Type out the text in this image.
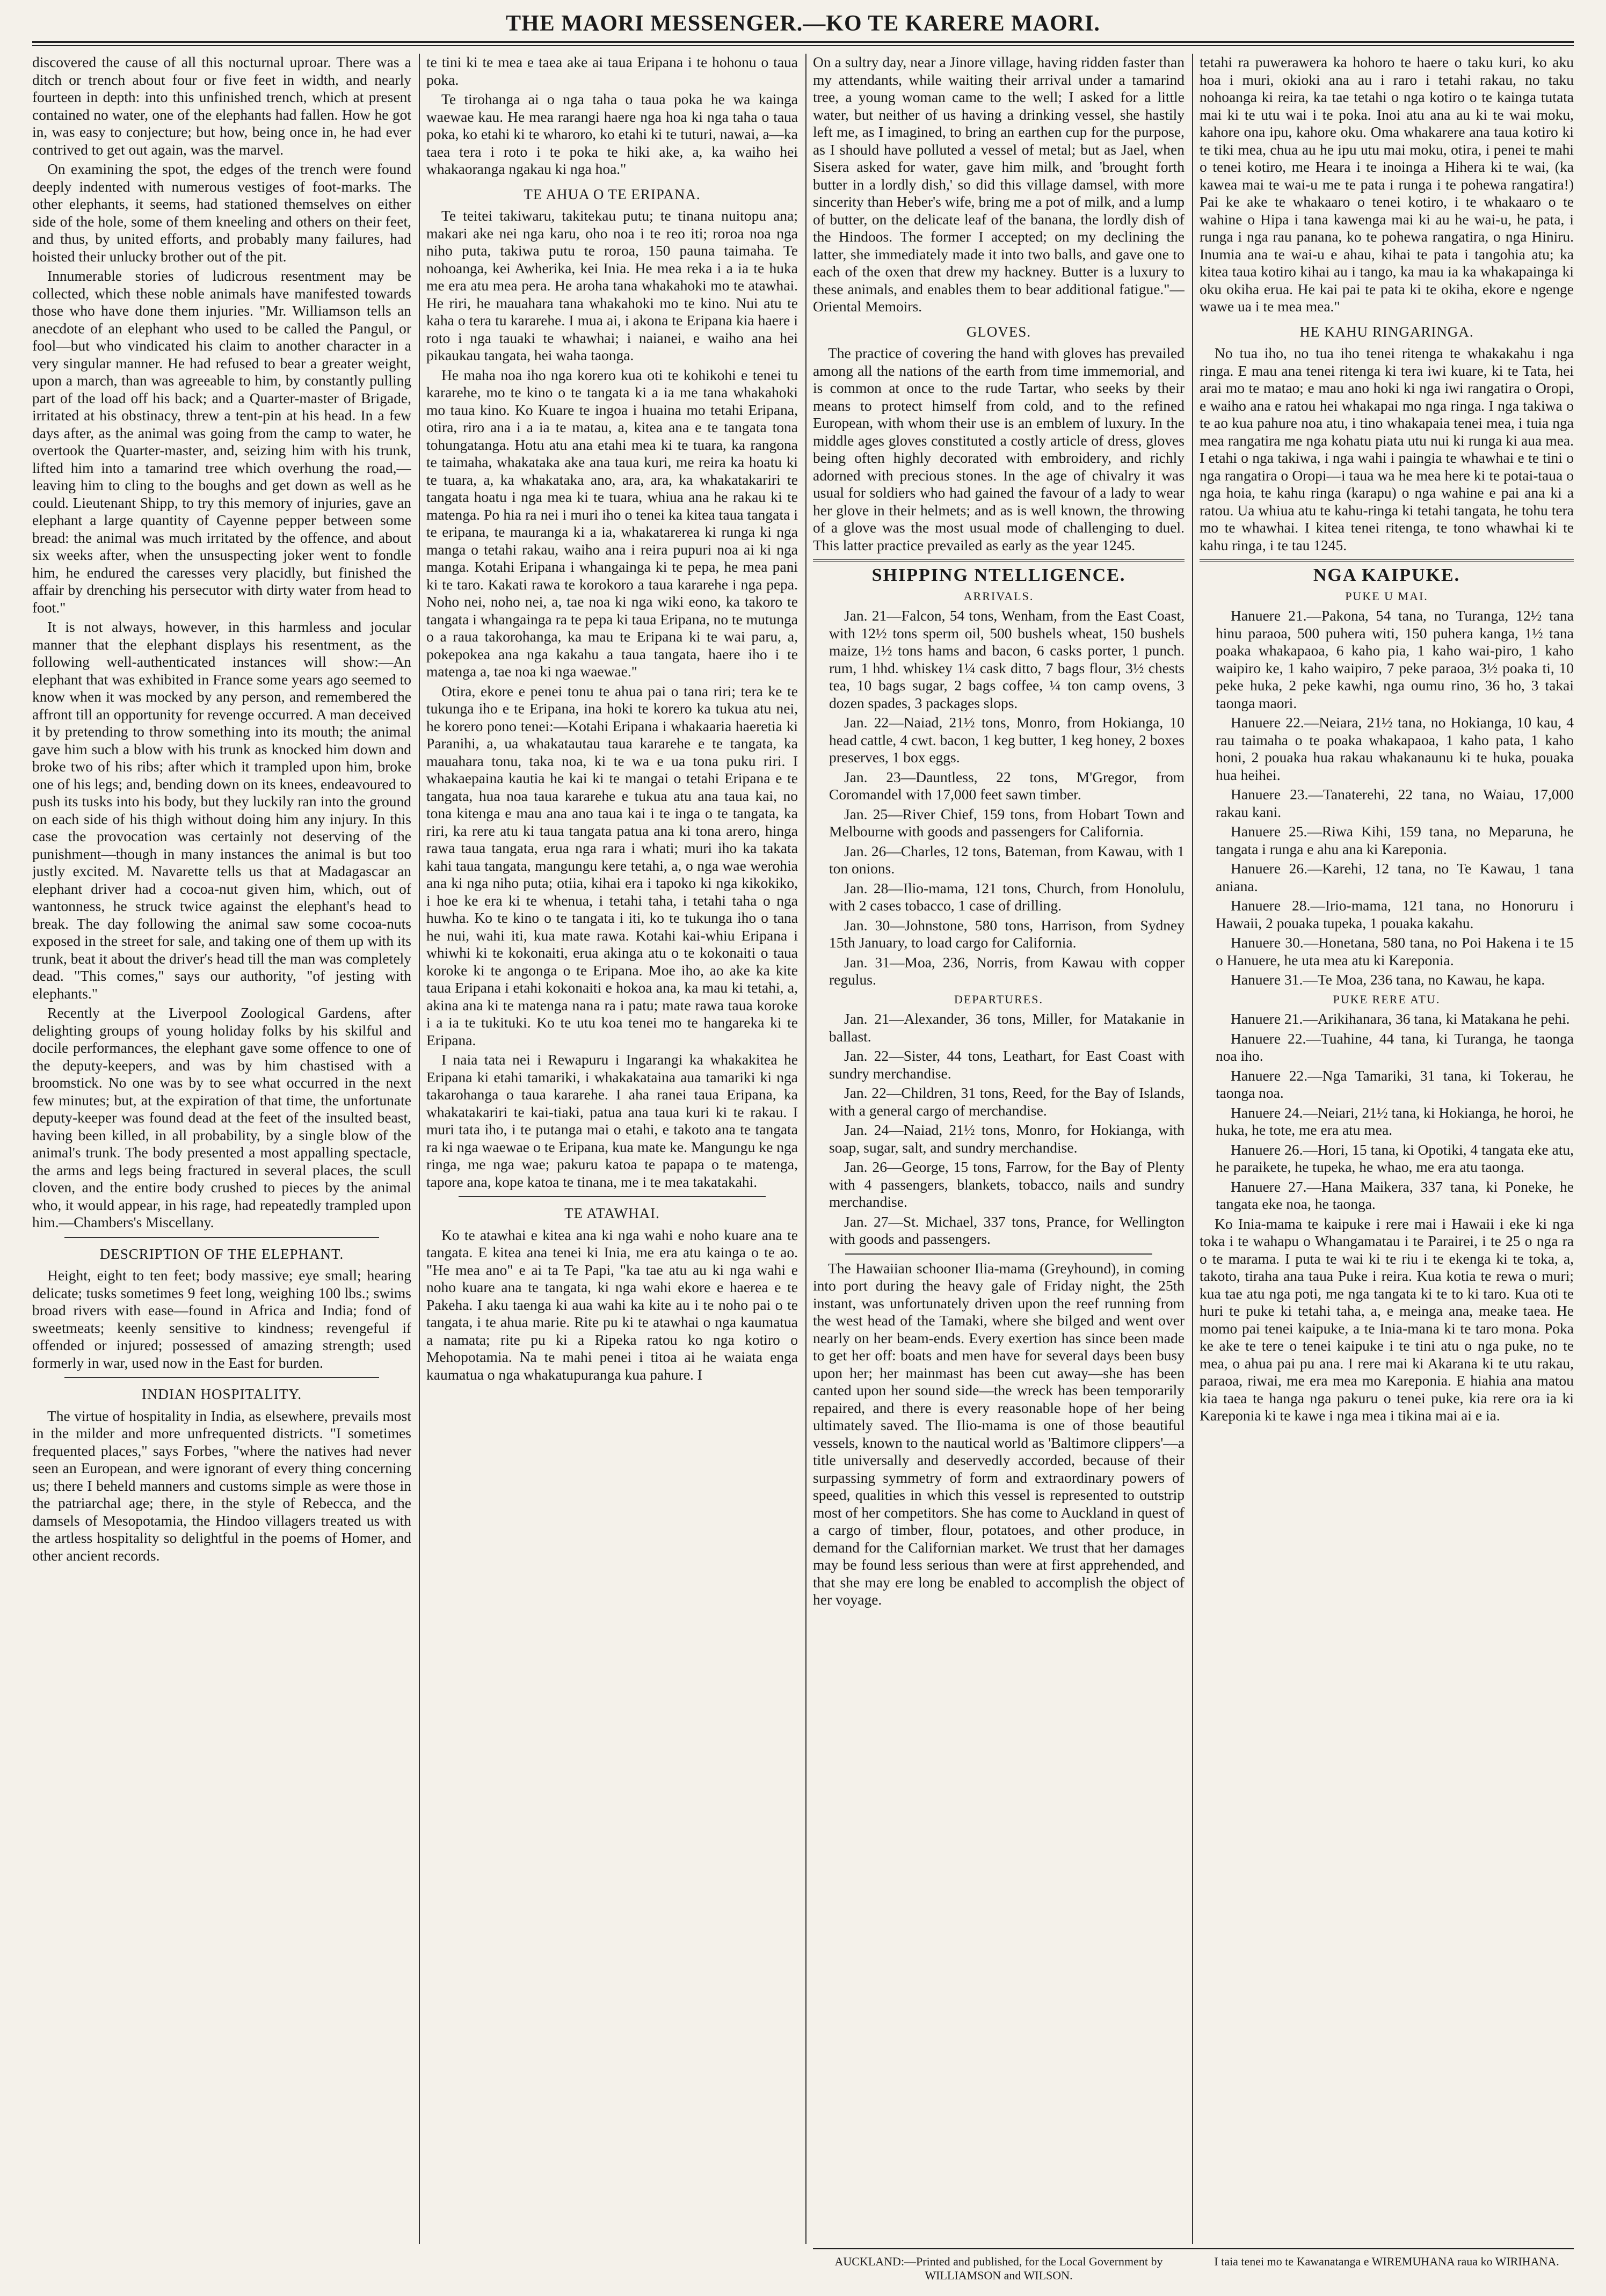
THE MAORI MESSENGER.—KO TE KARERE MAORI.

discovered the cause of all this nocturnal uproar. There was a ditch or trench about four or five feet in width, and nearly fourteen in depth: into this unfinished trench, which at present contained no water, one of the elephants had fallen. How he got in, was easy to conjecture; but how, being once in, he had ever contrived to get out again, was the marvel.

On examining the spot, the edges of the trench were found deeply indented with numerous vestiges of foot-marks. The other elephants, it seems, had stationed themselves on either side of the hole, some of them kneeling and others on their feet, and thus, by united efforts, and probably many failures, had hoisted their unlucky brother out of the pit.

Innumerable stories of ludicrous resentment may be collected, which these noble animals have manifested towards those who have done them injuries. "Mr. Williamson tells an anecdote of an elephant who used to be called the Pangul, or fool—but who vindicated his claim to another character in a very singular manner. He had refused to bear a greater weight, upon a march, than was agreeable to him, by constantly pulling part of the load off his back; and a Quarter-master of Brigade, irritated at his obstinacy, threw a tent-pin at his head. In a few days after, as the animal was going from the camp to water, he overtook the Quarter-master, and, seizing him with his trunk, lifted him into a tamarind tree which overhung the road,—leaving him to cling to the boughs and get down as well as he could. Lieutenant Shipp, to try this memory of injuries, gave an elephant a large quantity of Cayenne pepper between some bread: the animal was much irritated by the offence, and about six weeks after, when the unsuspecting joker went to fondle him, he endured the caresses very placidly, but finished the affair by drenching his persecutor with dirty water from head to foot."

It is not always, however, in this harmless and jocular manner that the elephant displays his resentment, as the following well-authenticated instances will show:—An elephant that was exhibited in France some years ago seemed to know when it was mocked by any person, and remembered the affront till an opportunity for revenge occurred. A man deceived it by pretending to throw something into its mouth; the animal gave him such a blow with his trunk as knocked him down and broke two of his ribs; after which it trampled upon him, broke one of his legs; and, bending down on its knees, endeavoured to push its tusks into his body, but they luckily ran into the ground on each side of his thigh without doing him any injury. In this case the provocation was certainly not deserving of the punishment—though in many instances the animal is but too justly excited. M. Navarette tells us that at Madagascar an elephant driver had a cocoa-nut given him, which, out of wantonness, he struck twice against the elephant's head to break. The day following the animal saw some cocoa-nuts exposed in the street for sale, and taking one of them up with its trunk, beat it about the driver's head till the man was completely dead. "This comes," says our authority, "of jesting with elephants."

Recently at the Liverpool Zoological Gardens, after delighting groups of young holiday folks by his skilful and docile performances, the elephant gave some offence to one of the deputy-keepers, and was by him chastised with a broomstick. No one was by to see what occurred in the next few minutes; but, at the expiration of that time, the unfortunate deputy-keeper was found dead at the feet of the insulted beast, having been killed, in all probability, by a single blow of the animal's trunk. The body presented a most appalling spectacle, the arms and legs being fractured in several places, the scull cloven, and the entire body crushed to pieces by the animal who, it would appear, in his rage, had repeatedly trampled upon him.—Chambers's Miscellany.

DESCRIPTION OF THE ELEPHANT.

Height, eight to ten feet; body massive; eye small; hearing delicate; tusks sometimes 9 feet long, weighing 100 lbs.; swims broad rivers with ease—found in Africa and India; fond of sweetmeats; keenly sensitive to kindness; revengeful if offended or injured; possessed of amazing strength; used formerly in war, used now in the East for burden.

INDIAN HOSPITALITY.

The virtue of hospitality in India, as elsewhere, prevails most in the milder and more unfrequented districts. "I sometimes frequented places," says Forbes, "where the natives had never seen an European, and were ignorant of every thing concerning us; there I beheld manners and customs simple as were those in the patriarchal age; there, in the style of Rebecca, and the damsels of Mesopotamia, the Hindoo villagers treated us with the artless hospitality so delightful in the poems of Homer, and other ancient records.

te tini ki te mea e taea ake ai taua Eripana i te hohonu o taua poka.

Te tirohanga ai o nga taha o taua poka he wa kainga waewae kau. He mea rarangi haere nga hoa ki nga taha o taua poka, ko etahi ki te wharoro, ko etahi ki te tuturi, nawai, a—ka taea tera i roto i te poka te hiki ake, a, ka waiho hei whakaoranga ngakau ki nga hoa."

TE AHUA O TE ERIPANA.

Te teitei takiwaru, takitekau putu; te tinana nuitopu ana; makari ake nei nga karu, oho noa i te reo iti; roroa noa nga niho puta, takiwa putu te roroa, 150 pauna taimaha. Te nohoanga, kei Awherika, kei Inia. He mea reka i a ia te huka me era atu mea pera. He aroha tana whakahoki mo te atawhai. He riri, he mauahara tana whakahoki mo te kino. Nui atu te kaha o tera tu kararehe. I mua ai, i akona te Eripana kia haere i roto i nga tauaki te whawhai; i naianei, e waiho ana hei pikaukau tangata, hei waha taonga.

He maha noa iho nga korero kua oti te kohikohi e tenei tu kararehe, mo te kino o te tangata ki a ia me tana whakahoki mo taua kino. Ko Kuare te ingoa i huaina mo tetahi Eripana, otira, riro ana i a ia te matau, a, kitea ana e te tangata tona tohungatanga. Hotu atu ana etahi mea ki te tuara, ka rangona te taimaha, whakataka ake ana taua kuri, me reira ka hoatu ki te tuara, a, ka whakataka ano, ara, ara, ka whakatakariri te tangata hoatu i nga mea ki te tuara, whiua ana he rakau ki te matenga. Po hia ra nei i muri iho o tenei ka kitea taua tangata i te eripana, te mauranga ki a ia, whakatarerea ki runga ki nga manga o tetahi rakau, waiho ana i reira pupuri noa ai ki nga manga. Kotahi Eripana i whangainga ki te pepa, he mea pani ki te taro. Kakati rawa te korokoro a taua kararehe i nga pepa. Noho nei, noho nei, a, tae noa ki nga wiki eono, ka takoro te tangata i whangainga ra te pepa ki taua Eripana, no te mutunga o a raua takorohanga, ka mau te Eripana ki te wai paru, a, pokepokea ana nga kakahu a taua tangata, haere iho i te matenga a, tae noa ki nga waewae."

Otira, ekore e penei tonu te ahua pai o tana riri; tera ke te tukunga iho e te Eripana, ina hoki te korero ka tukua atu nei, he korero pono tenei:—Kotahi Eripana i whakaaria haeretia ki Paranihi, a, ua whakatautau taua kararehe e te tangata, ka mauahara tonu, taka noa, ki te wa e ua tona puku riri. I whakaepaina kautia he kai ki te mangai o tetahi Eripana e te tangata, hua noa taua kararehe e tukua atu ana taua kai, no tona kitenga e mau ana ano taua kai i te inga o te tangata, ka riri, ka rere atu ki taua tangata patua ana ki tona arero, hinga rawa taua tangata, erua nga rara i whati; muri iho ka takata kahi taua tangata, mangungu kere tetahi, a, o nga wae werohia ana ki nga niho puta; otiia, kihai era i tapoko ki nga kikokiko, i hoe ke era ki te whenua, i tetahi taha, i tetahi taha o nga huwha. Ko te kino o te tangata i iti, ko te tukunga iho o tana he nui, wahi iti, kua mate rawa. Kotahi kai-whiu Eripana i whiwhi ki te kokonaiti, erua akinga atu o te kokonaiti o taua koroke ki te angonga o te Eripana. Moe iho, ao ake ka kite taua Eripana i etahi kokonaiti e hokoa ana, ka mau ki tetahi, a, akina ana ki te matenga nana ra i patu; mate rawa taua koroke i a ia te tukituki. Ko te utu koa tenei mo te hangareka ki te Eripana.

I naia tata nei i Rewapuru i Ingarangi ka whakakitea he Eripana ki etahi tamariki, i whakakataina aua tamariki ki nga takarohanga o taua kararehe. I aha ranei taua Eripana, ka whakatakariri te kai-tiaki, patua ana taua kuri ki te rakau. I muri tata iho, i te putanga mai o etahi, e takoto ana te tangata ra ki nga waewae o te Eripana, kua mate ke. Mangungu ke nga ringa, me nga wae; pakuru katoa te papapa o te matenga, tapore ana, kope katoa te tinana, me i te mea takatakahi.

TE ATAWHAI.

Ko te atawhai e kitea ana ki nga wahi e noho kuare ana te tangata. E kitea ana tenei ki Inia, me era atu kainga o te ao. "He mea ano" e ai ta Te Papi, "ka tae atu au ki nga wahi e noho kuare ana te tangata, ki nga wahi ekore e haerea e te Pakeha. I aku taenga ki aua wahi ka kite au i te noho pai o te tangata, i te ahua marie. Rite pu ki te atawhai o nga kaumatua a namata; rite pu ki a Ripeka ratou ko nga kotiro o Mehopotamia. Na te mahi penei i titoa ai he waiata enga kaumatua o nga whakatupuranga kua pahure. I

On a sultry day, near a Jinore village, having ridden faster than my attendants, while waiting their arrival under a tamarind tree, a young woman came to the well; I asked for a little water, but neither of us having a drinking vessel, she hastily left me, as I imagined, to bring an earthen cup for the purpose, as I should have polluted a vessel of metal; but as Jael, when Sisera asked for water, gave him milk, and 'brought forth butter in a lordly dish,' so did this village damsel, with more sincerity than Heber's wife, bring me a pot of milk, and a lump of butter, on the delicate leaf of the banana, the lordly dish of the Hindoos. The former I accepted; on my declining the latter, she immediately made it into two balls, and gave one to each of the oxen that drew my hackney. Butter is a luxury to these animals, and enables them to bear additional fatigue."—Oriental Memoirs.

GLOVES.

The practice of covering the hand with gloves has prevailed among all the nations of the earth from time immemorial, and is common at once to the rude Tartar, who seeks by their means to protect himself from cold, and to the refined European, with whom their use is an emblem of luxury. In the middle ages gloves constituted a costly article of dress, gloves being often highly decorated with embroidery, and richly adorned with precious stones. In the age of chivalry it was usual for soldiers who had gained the favour of a lady to wear her glove in their helmets; and as is well known, the throwing of a glove was the most usual mode of challenging to duel. This latter practice prevailed as early as the year 1245.

SHIPPING NTELLIGENCE.
ARRIVALS.

Jan. 21—Falcon, 54 tons, Wenham, from the East Coast, with 12½ tons sperm oil, 500 bushels wheat, 150 bushels maize, 1½ tons hams and bacon, 6 casks porter, 1 punch. rum, 1 hhd. whiskey 1¼ cask ditto, 7 bags flour, 3½ chests tea, 10 bags sugar, 2 bags coffee, ¼ ton camp ovens, 3 dozen spades, 3 packages slops.

Jan. 22—Naiad, 21½ tons, Monro, from Hokianga, 10 head cattle, 4 cwt. bacon, 1 keg butter, 1 keg honey, 2 boxes preserves, 1 box eggs.

Jan. 23—Dauntless, 22 tons, M'Gregor, from Coromandel with 17,000 feet sawn timber.

Jan. 25—River Chief, 159 tons, from Hobart Town and Melbourne with goods and passengers for California.

Jan. 26—Charles, 12 tons, Bateman, from Kawau, with 1 ton onions.

Jan. 28—Ilio-mama, 121 tons, Church, from Honolulu, with 2 cases tobacco, 1 case of drilling.

Jan. 30—Johnstone, 580 tons, Harrison, from Sydney 15th January, to load cargo for California.

Jan. 31—Moa, 236, Norris, from Kawau with copper regulus.

DEPARTURES.

Jan. 21—Alexander, 36 tons, Miller, for Matakanie in ballast.

Jan. 22—Sister, 44 tons, Leathart, for East Coast with sundry merchandise.

Jan. 22—Children, 31 tons, Reed, for the Bay of Islands, with a general cargo of merchandise.

Jan. 24—Naiad, 21½ tons, Monro, for Hokianga, with soap, sugar, salt, and sundry merchandise.

Jan. 26—George, 15 tons, Farrow, for the Bay of Plenty with 4 passengers, blankets, tobacco, nails and sundry merchandise.

Jan. 27—St. Michael, 337 tons, Prance, for Wellington with goods and passengers.

The Hawaiian schooner Ilia-mama (Greyhound), in coming into port during the heavy gale of Friday night, the 25th instant, was unfortunately driven upon the reef running from the west head of the Tamaki, where she bilged and went over nearly on her beam-ends. Every exertion has since been made to get her off: boats and men have for several days been busy upon her; her mainmast has been cut away—she has been canted upon her sound side—the wreck has been temporarily repaired, and there is every reasonable hope of her being ultimately saved. The Ilio-mama is one of those beautiful vessels, known to the nautical world as 'Baltimore clippers'—a title universally and deservedly accorded, because of their surpassing symmetry of form and extraordinary powers of speed, qualities in which this vessel is represented to outstrip most of her competitors. She has come to Auckland in quest of a cargo of timber, flour, potatoes, and other produce, in demand for the Californian market. We trust that her damages may be found less serious than were at first apprehended, and that she may ere long be enabled to accomplish the object of her voyage.

tetahi ra puwerawera ka hohoro te haere o taku kuri, ko aku hoa i muri, okioki ana au i raro i tetahi rakau, no taku nohoanga ki reira, ka tae tetahi o nga kotiro o te kainga tutata mai ki te utu wai i te poka. Inoi atu ana au ki te wai moku, kahore ona ipu, kahore oku. Oma whakarere ana taua kotiro ki te tiki mea, chua au he ipu utu mai moku, otira, i penei te mahi o tenei kotiro, me Heara i te inoinga a Hihera ki te wai, (ka kawea mai te wai-u me te pata i runga i te pohewa rangatira!) Pai ke ake te whakaaro o tenei kotiro, i te whakaaro o te wahine o Hipa i tana kawenga mai ki au he wai-u, he pata, i runga i nga rau panana, ko te pohewa rangatira, o nga Hiniru. Inumia ana te wai-u e ahau, kihai te pata i tangohia atu; ka kitea taua kotiro kihai au i tango, ka mau ia ka whakapainga ki oku okiha erua. He kai pai te pata ki te okiha, ekore e ngenge wawe ua i te mea mea."

HE KAHU RINGARINGA.

No tua iho, no tua iho tenei ritenga te whakakahu i nga ringa. E mau ana tenei ritenga ki tera iwi kuare, ki te Tata, hei arai mo te matao; e mau ano hoki ki nga iwi rangatira o Oropi, e waiho ana e ratou hei whakapai mo nga ringa. I nga takiwa o te ao kua pahure noa atu, i tino whakapaia tenei mea, i tuia nga mea rangatira me nga kohatu piata utu nui ki runga ki aua mea. I etahi o nga takiwa, i nga wahi i paingia te whawhai e te tini o nga rangatira o Oropi—i taua wa he mea here ki te potai-taua o nga hoia, te kahu ringa (karapu) o nga wahine e pai ana ki a ratou. Ua whiua atu te kahu-ringa ki tetahi tangata, he tohu tera mo te whawhai. I kitea tenei ritenga, te tono whawhai ki te kahu ringa, i te tau 1245.

NGA KAIPUKE.
PUKE U MAI.

Hanuere 21.—Pakona, 54 tana, no Turanga, 12½ tana hinu paraoa, 500 puhera witi, 150 puhera kanga, 1½ tana poaka whakapaoa, 6 kaho pia, 1 kaho wai-piro, 1 kaho waipiro ke, 1 kaho waipiro, 7 peke paraoa, 3½ poaka ti, 10 peke huka, 2 peke kawhi, nga oumu rino, 36 ho, 3 takai taonga maori.

Hanuere 22.—Neiara, 21½ tana, no Hokianga, 10 kau, 4 rau taimaha o te poaka whakapaoa, 1 kaho pata, 1 kaho honi, 2 pouaka hua rakau whakanaunu ki te huka, pouaka hua heihei.

Hanuere 23.—Tanaterehi, 22 tana, no Waiau, 17,000 rakau kani.

Hanuere 25.—Riwa Kihi, 159 tana, no Meparuna, he tangata i runga e ahu ana ki Kareponia.

Hanuere 26.—Karehi, 12 tana, no Te Kawau, 1 tana aniana.

Hanuere 28.—Irio-mama, 121 tana, no Honoruru i Hawaii, 2 pouaka tupeka, 1 pouaka kakahu.

Hanuere 30.—Honetana, 580 tana, no Poi Hakena i te 15 o Hanuere, he uta mea atu ki Kareponia.

Hanuere 31.—Te Moa, 236 tana, no Kawau, he kapa.

PUKE RERE ATU.

Hanuere 21.—Arikihanara, 36 tana, ki Matakana he pehi.

Hanuere 22.—Tuahine, 44 tana, ki Turanga, he taonga noa iho.

Hanuere 22.—Nga Tamariki, 31 tana, ki Tokerau, he taonga noa.

Hanuere 24.—Neiari, 21½ tana, ki Hokianga, he horoi, he huka, he tote, me era atu mea.

Hanuere 26.—Hori, 15 tana, ki Opotiki, 4 tangata eke atu, he paraikete, he tupeka, he whao, me era atu taonga.

Hanuere 27.—Hana Maikera, 337 tana, ki Poneke, he tangata eke noa, he taonga.

Ko Inia-mama te kaipuke i rere mai i Hawaii i eke ki nga toka i te wahapu o Whangamatau i te Parairei, i te 25 o nga ra o te marama. I puta te wai ki te riu i te ekenga ki te toka, a, takoto, tiraha ana taua Puke i reira. Kua kotia te rewa o muri; kua tae atu nga poti, me nga tangata ki te to ki taro. Kua oti te huri te puke ki tetahi taha, a, e meinga ana, meake taea. He momo pai tenei kaipuke, a te Inia-mana ki te taro mona. Poka ke ake te tere o tenei kaipuke i te tini atu o nga puke, no te mea, o ahua pai pu ana. I rere mai ki Akarana ki te utu rakau, paraoa, riwai, me era mea mo Kareponia. E hiahia ana matou kia taea te hanga nga pakuru o tenei puke, kia rere ora ia ki Kareponia ki te kawe i nga mea i tikina mai ai e ia.

AUCKLAND:—Printed and published, for the Local Government by WILLIAMSON and WILSON.
I taia tenei mo te Kawanatanga e WIREMUHANA raua ko WIRIHANA.
